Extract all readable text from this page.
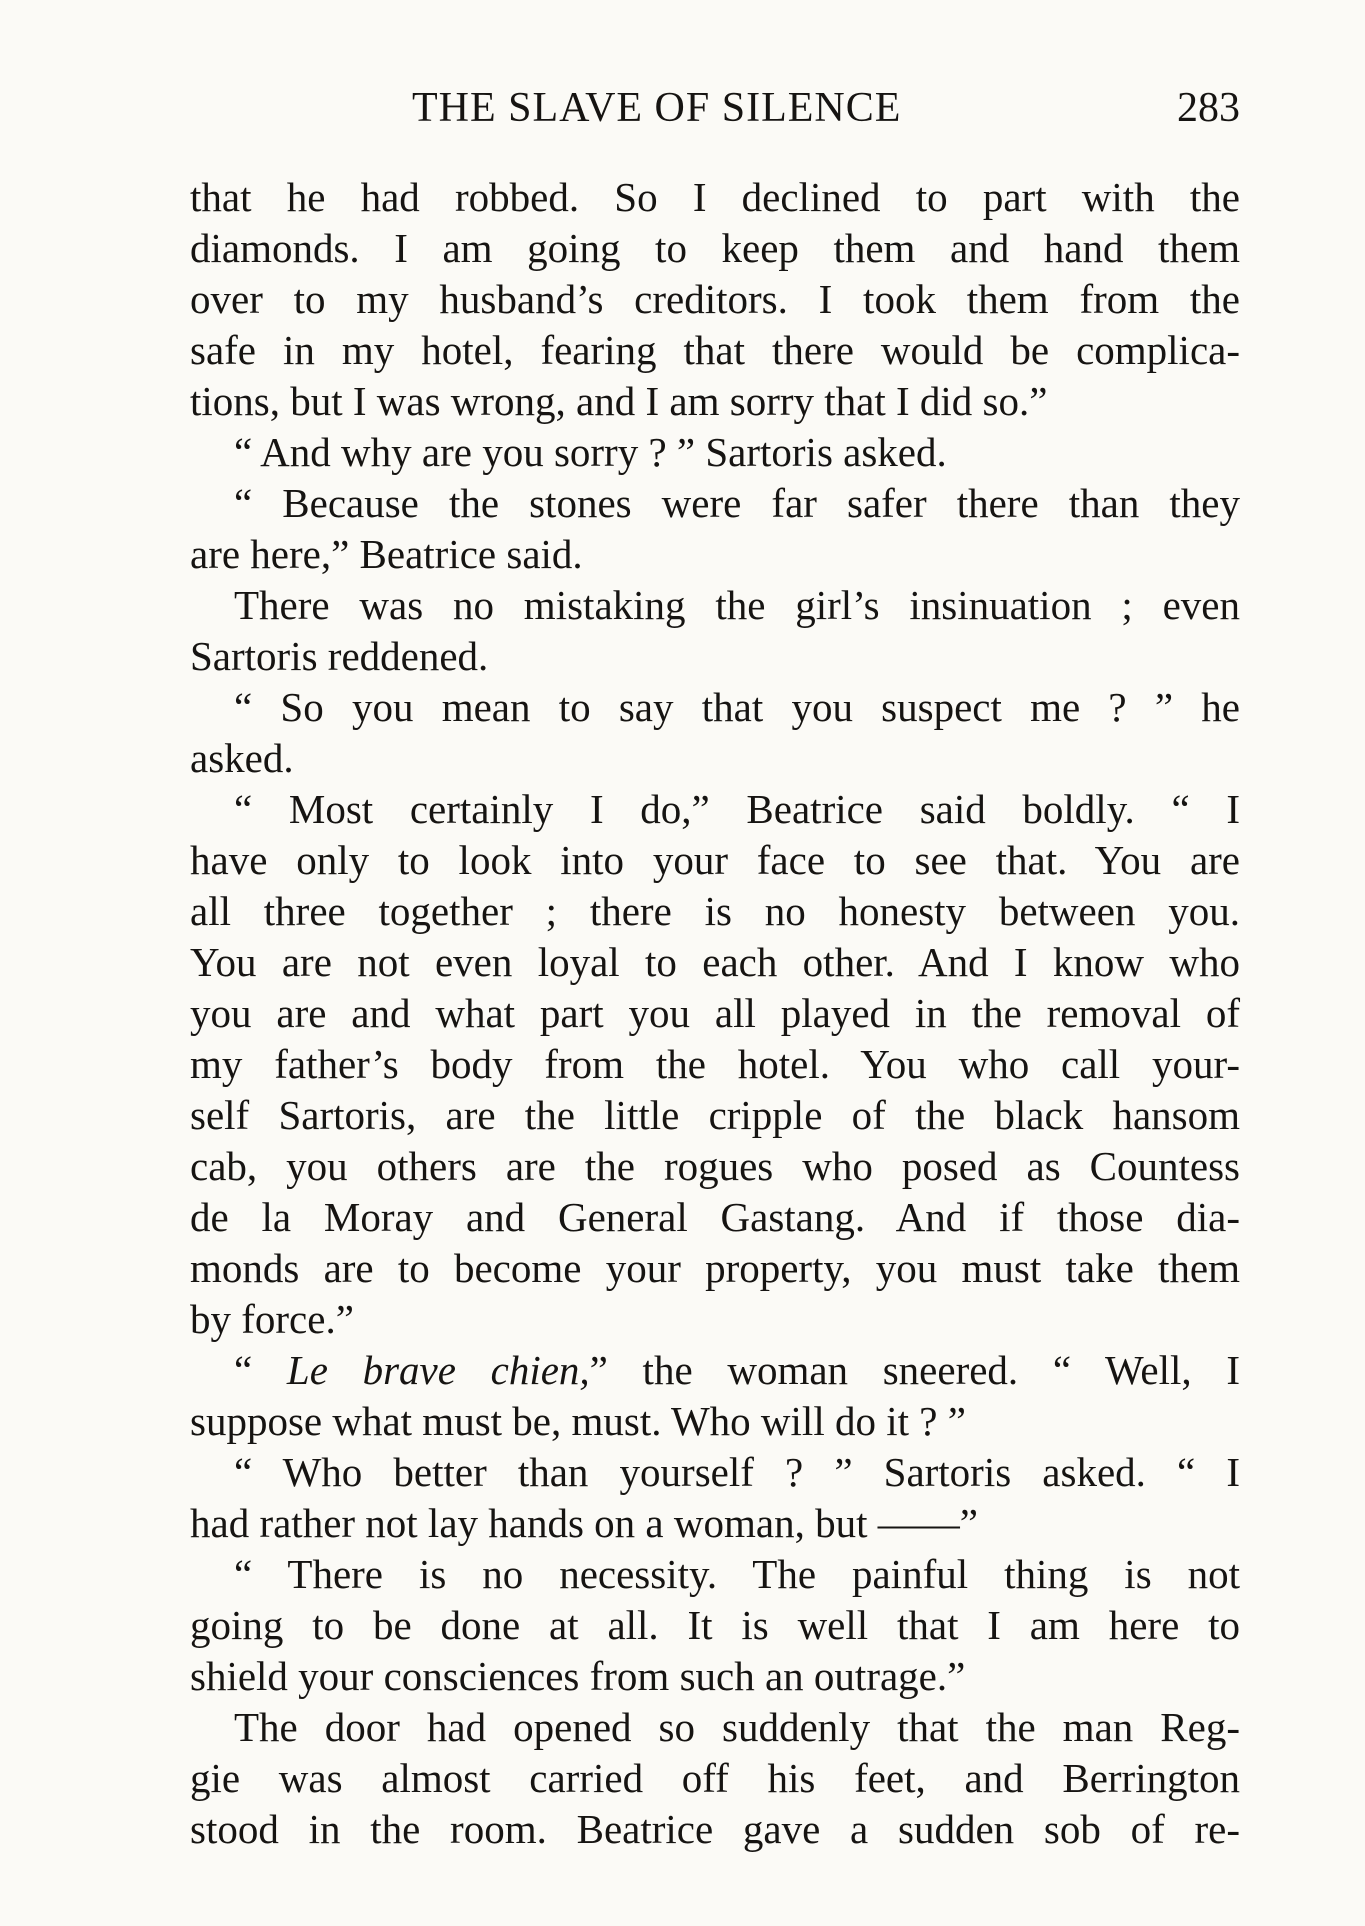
THE SLAVE OF SILENCE	283
that he had robbed. So I declined to part with the
diamonds. I am going to keep them and hand them
over to my husband’s creditors. I took them from the
safe in my hotel, fearing that there would be complica-
tions, but I was wrong, and I am sorry that I did so.”
“ And why are you sorry ? ” Sartoris asked.
“ Because the stones were far safer there than they
are here,” Beatrice said.
There was no mistaking the girl’s insinuation ; even
Sartoris reddened.
“ So you mean to say that you suspect me ? ” he
asked.
“ Most certainly I do,” Beatrice said boldly. “ I
have only to look into your face to see that. You are
all three together ; there is no honesty between you.
You are not even loyal to each other. And I know who
you are and what part you all played in the removal of
my father’s body from the hotel. You who call your-
self Sartoris, are the little cripple of the black hansom
cab, you others are the rogues who posed as Countess
de la Moray and General Gastang. And if those dia-
monds are to become your property, you must take them
by force.”
“ Le brave chien,” the woman sneered. “ Well, I
suppose what must be, must. Who will do it ? ”
“ Who better than yourself ? ” Sartoris asked. “ I
had rather not lay hands on a woman, but ——”
“ There is no necessity. The painful thing is not
going to be done at all. It is well that I am here to
shield your consciences from such an outrage.”
The door had opened so suddenly that the man Reg-
gie was almost carried off his feet, and Berrington
stood in the room. Beatrice gave a sudden sob of re-
